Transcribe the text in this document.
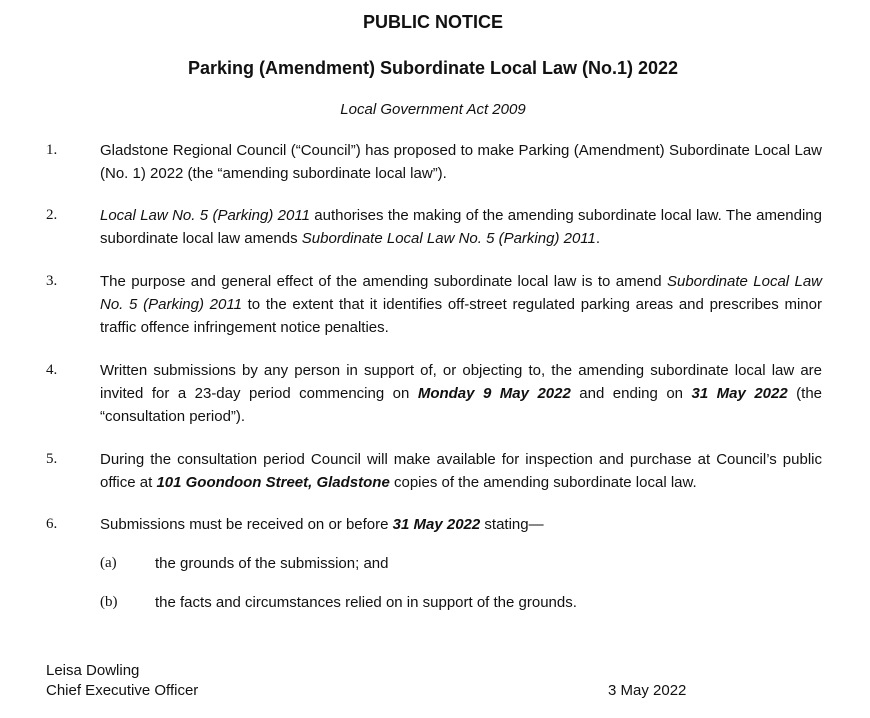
PUBLIC NOTICE
Parking (Amendment) Subordinate Local Law (No.1) 2022
Local Government Act 2009
1.	Gladstone Regional Council (“Council”) has proposed to make Parking (Amendment) Subordinate Local Law (No. 1) 2022 (the “amending subordinate local law”).

2.	Local Law No. 5 (Parking) 2011 authorises the making of the amending subordinate local law. The amending subordinate local law amends Subordinate Local Law No. 5 (Parking) 2011.

3.	The purpose and general effect of the amending subordinate local law is to amend Subordinate Local Law No. 5 (Parking) 2011 to the extent that it identifies off-street regulated parking areas and prescribes minor traffic offence infringement notice penalties.

4.	Written submissions by any person in support of, or objecting to, the amending subordinate local law are invited for a 23-day period commencing on Monday 9 May 2022 and ending on 31 May 2022 (the “consultation period”).

5.	During the consultation period Council will make available for inspection and purchase at Council’s public office at 101 Goondoon Street, Gladstone copies of the amending subordinate local law.

6.	Submissions must be received on or before 31 May 2022 stating—

(a)	the grounds of the submission; and
(b)	the facts and circumstances relied on in support of the grounds.
Leisa Dowling
Chief Executive Officer	3 May 2022
